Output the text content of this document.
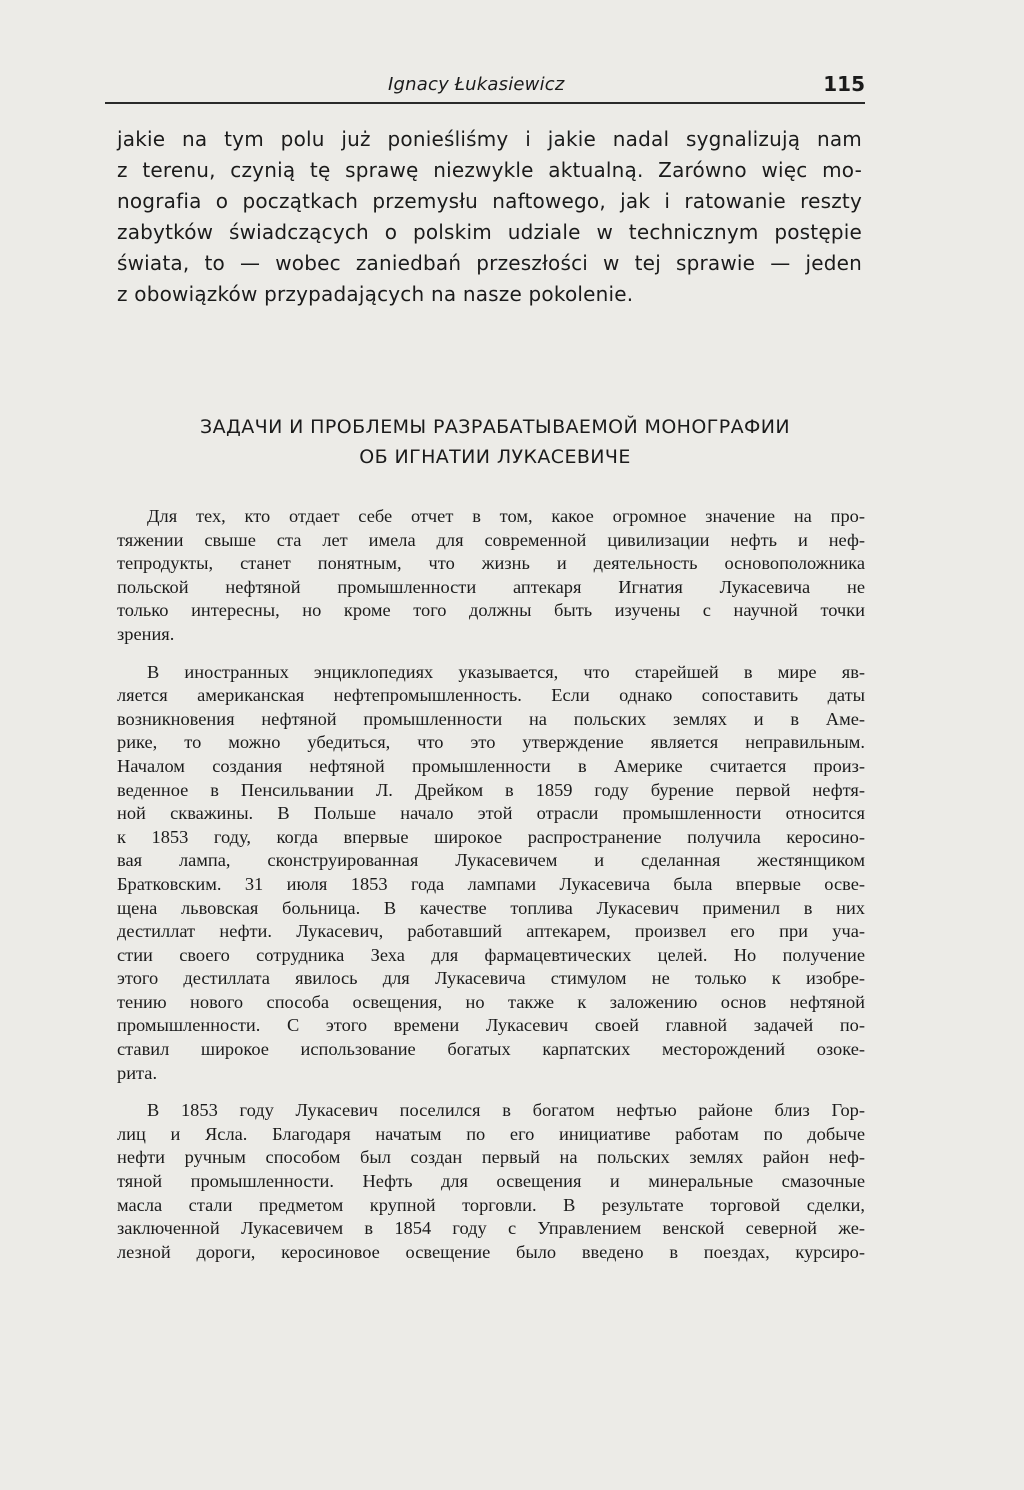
Ignacy Łukasiewicz	115
jakie na tym polu już ponieśliśmy i jakie nadal sygnalizują nam
z terenu, czynią tę sprawę niezwykle aktualną. Zarówno więc mo-
nografia o początkach przemysłu naftowego, jak i ratowanie reszty
zabytków świadczących o polskim udziale w technicznym postępie
świata, to — wobec zaniedbań przeszłości w tej sprawie — jeden
z obowiązków przypadających na nasze pokolenie.
ЗАДАЧИ И ПРОБЛЕМЫ РАЗРАБАТЫВАЕМОЙ МОНОГРАФИИ
ОБ ИГНАТИИ ЛУКАСЕВИЧЕ

Для тех, кто отдает себе отчет в том, какое огромное значение на про-
тяжении свыше ста лет имела для современной цивилизации нефть и неф-
тепродукты, станет понятным, что жизнь и деятельность основоположника
польской нефтяной промышленности аптекаря Игнатия Лукасевича не
только интересны, но кроме того должны быть изучены с научной точки
зрения.

В иностранных энциклопедиях указывается, что старейшей в мире яв-
ляется американская нефтепромышленность. Если однако сопоставить даты
возникновения нефтяной промышленности на польских землях и в Аме-
рике, то можно убедиться, что это утверждение является неправильным.
Началом создания нефтяной промышленности в Америке считается произ-
веденное в Пенсильвании Л. Дрейком в 1859 году бурение первой нефтя-
ной скважины. В Польше начало этой отрасли промышленности относится
к 1853 году, когда впервые широкое распространение получила керосино-
вая лампа, сконструированная Лукасевичем и сделанная жестянщиком
Братковским. 31 июля 1853 года лампами Лукасевича была впервые осве-
щена львовская больница. В качестве топлива Лукасевич применил в них
дестиллат нефти. Лукасевич, работавший аптекарем, произвел его при уча-
стии своего сотрудника Зеха для фармацевтических целей. Но получение
этого дестиллата явилось для Лукасевича стимулом не только к изобре-
тению нового способа освещения, но также к заложению основ нефтяной
промышленности. С этого времени Лукасевич своей главной задачей по-
ставил широкое использование богатых карпатских месторождений озоке-
рита.

В 1853 году Лукасевич поселился в богатом нефтью районе близ Гор-
лиц и Ясла. Благодаря начатым по его инициативе работам по добыче
нефти ручным способом был создан первый на польских землях район неф-
тяной промышленности. Нефть для освещения и минеральные смазочные
масла стали предметом крупной торговли. В результате торговой сделки,
заключенной Лукасевичем в 1854 году с Управлением венской северной же-
лезной дороги, керосиновое освещение было введено в поездах, курсиро-
